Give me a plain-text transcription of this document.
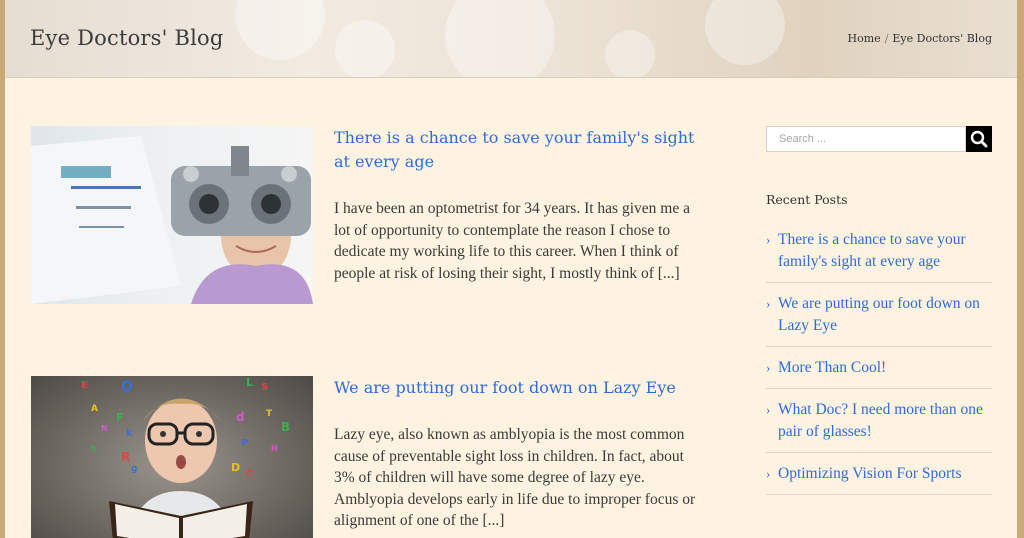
Eye Doctors' Blog	Home / Eye Doctors' Blog
There is a chance to save your family's sight at every age

I have been an optometrist for 34 years. It has given me a lot of opportunity to contemplate the reason I chose to dedicate my working life to this career. When I think of people at risk of losing their sight, I mostly think of [...]

E O
A
F
k
N
L S
d T
B
P
R
g	D C
H
b
We are putting our foot down on Lazy Eye

Lazy eye, also known as amblyopia is the most common cause of preventable sight loss in children. In fact, about 3% of children will have some degree of lazy eye. Amblyopia develops early in life due to improper focus or alignment of one of the [...]

Search ...
Recent Posts
› There is a chance to save your family's sight at every age
› We are putting our foot down on Lazy Eye
› More Than Cool!
› What Doc? I need more than one pair of glasses!
› Optimizing Vision For Sports
